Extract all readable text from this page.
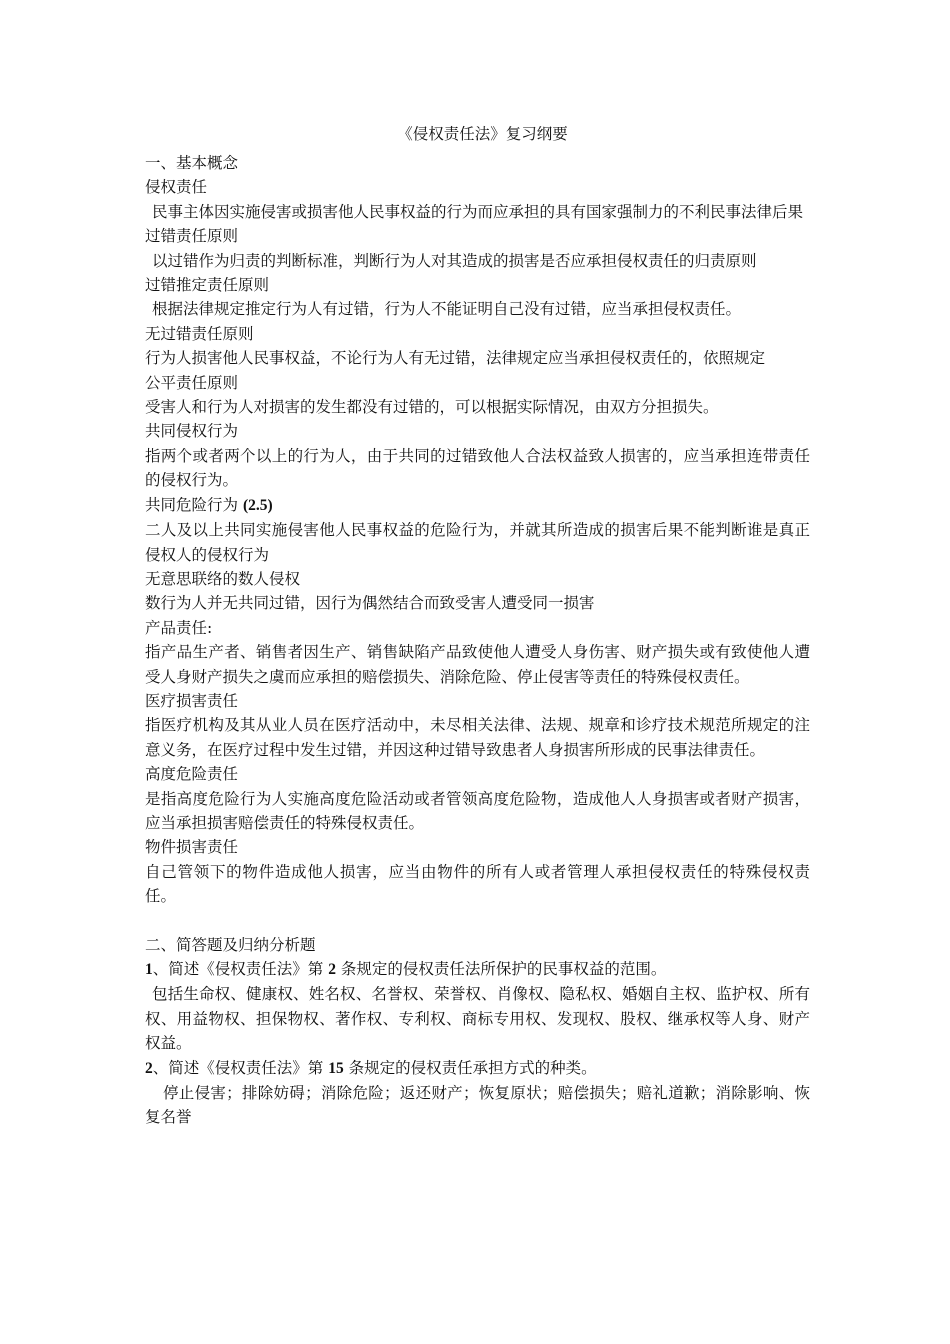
《侵权责任法》复习纲要
一、基本概念
侵权责任
民事主体因实施侵害或损害他人民事权益的行为而应承担的具有国家强制力的不利民事法律后果
过错责任原则
以过错作为归责的判断标准，判断行为人对其造成的损害是否应承担侵权责任的归责原则
过错推定责任原则
根据法律规定推定行为人有过错，行为人不能证明自己没有过错，应当承担侵权责任。
无过错责任原则
行为人损害他人民事权益，不论行为人有无过错，法律规定应当承担侵权责任的，依照规定
公平责任原则
受害人和行为人对损害的发生都没有过错的，可以根据实际情况，由双方分担损失。
共同侵权行为
指两个或者两个以上的行为人，由于共同的过错致他人合法权益致人损害的，应当承担连带责任的侵权行为。
共同危险行为 (2.5)
二人及以上共同实施侵害他人民事权益的危险行为，并就其所造成的损害后果不能判断谁是真正侵权人的侵权行为
无意思联络的数人侵权
数行为人并无共同过错，因行为偶然结合而致受害人遭受同一损害
产品责任:
指产品生产者、销售者因生产、销售缺陷产品致使他人遭受人身伤害、财产损失或有致使他人遭受人身财产损失之虞而应承担的赔偿损失、消除危险、停止侵害等责任的特殊侵权责任。
医疗损害责任
指医疗机构及其从业人员在医疗活动中，未尽相关法律、法规、规章和诊疗技术规范所规定的注意义务，在医疗过程中发生过错，并因这种过错导致患者人身损害所形成的民事法律责任。
高度危险责任
是指高度危险行为人实施高度危险活动或者管领高度危险物，造成他人人身损害或者财产损害，应当承担损害赔偿责任的特殊侵权责任。
物件损害责任
自己管领下的物件造成他人损害，应当由物件的所有人或者管理人承担侵权责任的特殊侵权责任。
二、简答题及归纳分析题
1、简述《侵权责任法》第 2 条规定的侵权责任法所保护的民事权益的范围。
包括生命权、健康权、姓名权、名誉权、荣誉权、肖像权、隐私权、婚姻自主权、监护权、所有权、用益物权、担保物权、著作权、专利权、商标专用权、发现权、股权、继承权等人身、财产权益。
2、简述《侵权责任法》第 15 条规定的侵权责任承担方式的种类。
停止侵害；排除妨碍；消除危险；返还财产；恢复原状；赔偿损失；赔礼道歉；消除影响、恢复名誉
